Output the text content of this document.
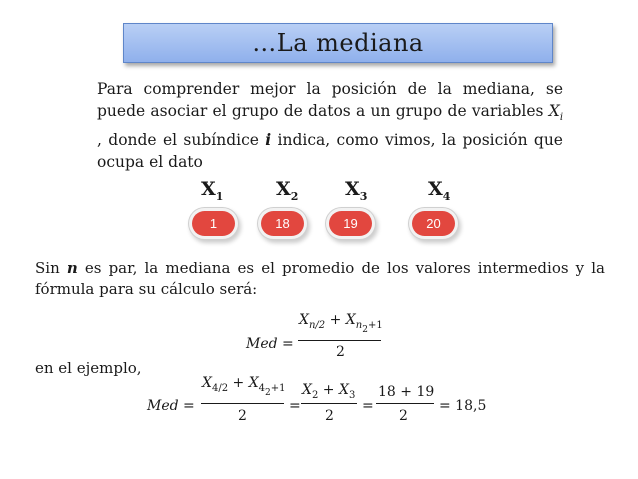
…La mediana
Para comprender mejor la posición de la mediana, se puede asociar el grupo de datos a un grupo de variables $X_i$ , donde el subíndice i indica, como vimos, la posición que ocupa el dato
$X_1$	$X_2$ $X_3$	$X_4$
1	18	19	20
Sin n es par, la mediana es el promedio de los valores intermedios y la fórmula para su cálculo será:
Med =
$X_{n/2} + X_{n2+1}$
2
en el ejemplo,
Med =
$X_{4/2} + X_{42+1}$
2
=
$X_2 + X_3$
2
=
18 + 19
2
= 18,5
